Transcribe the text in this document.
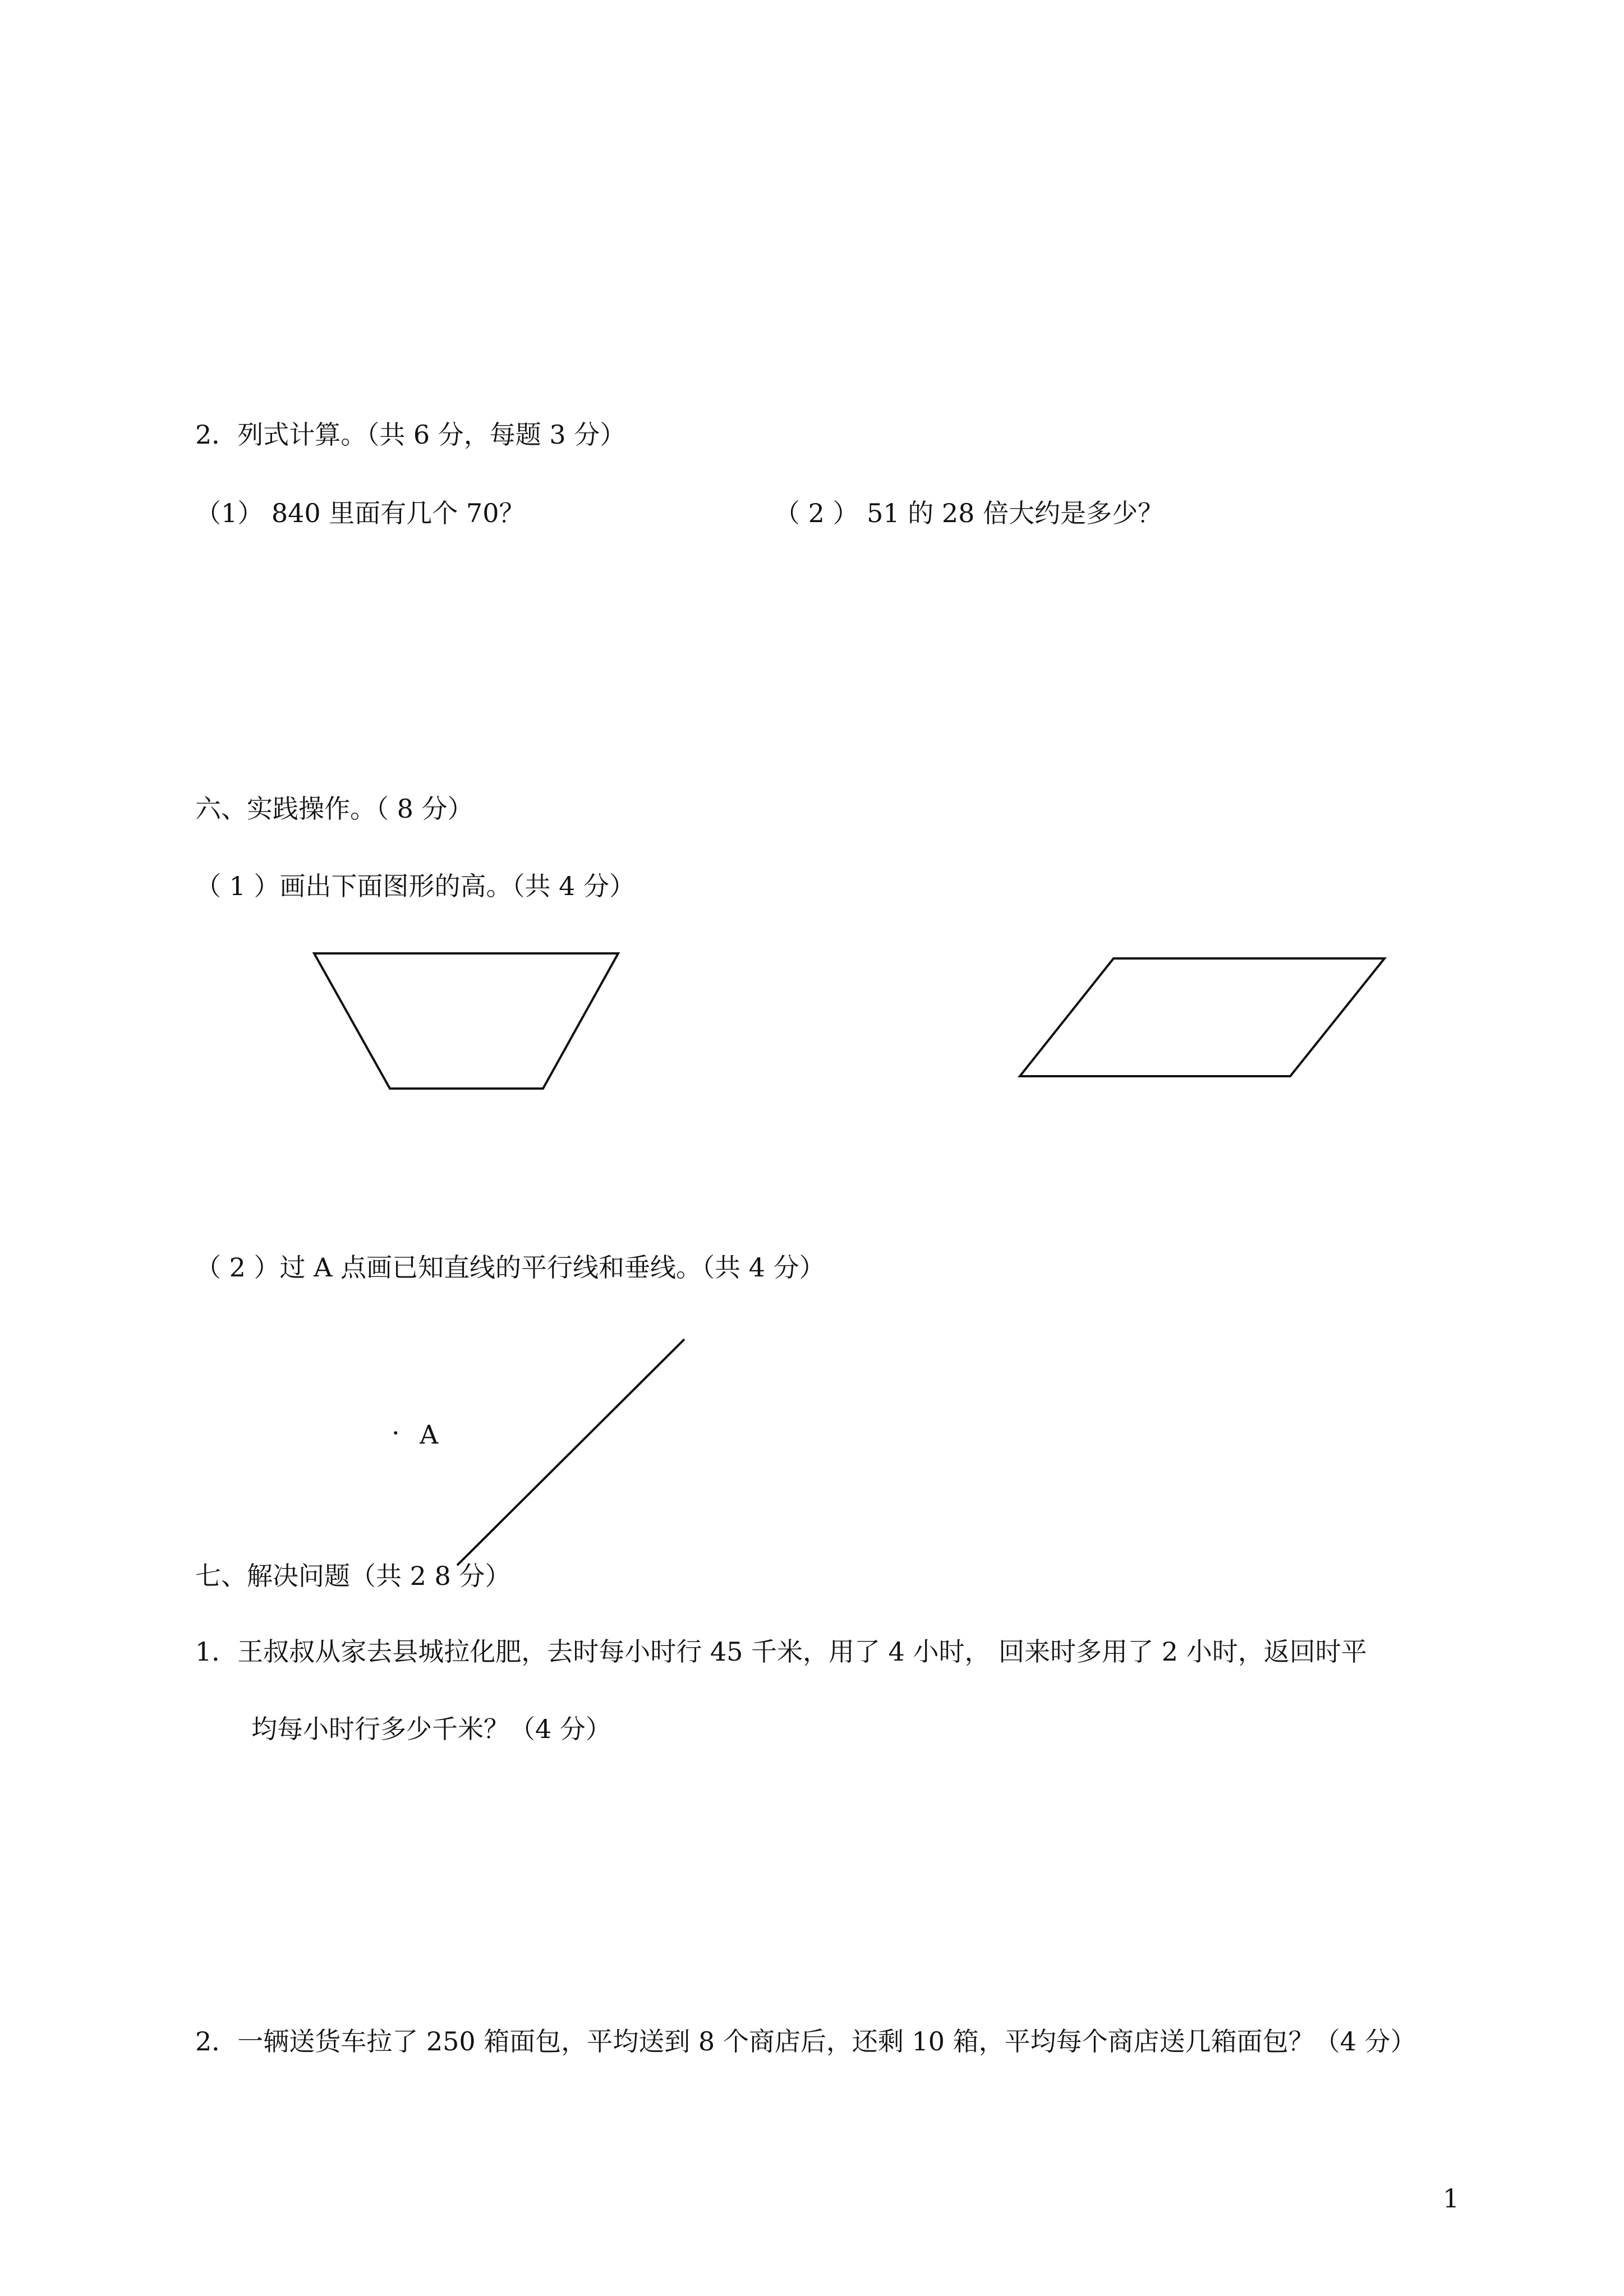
2．列式计算。（共 6 分，每题 3 分）
（1） 840 里面有几个 70？	（ 2 ） 51 的 28 倍大约是多少？
六、实践操作。（ 8 分）
（ 1 ）画出下面图形的高。（共 4 分）
（ 2 ）过 A 点画已知直线的平行线和垂线。（共 4 分）
· A
七、解决问题（共 2 8 分）
1．王叔叔从家去县城拉化肥，去时每小时行 45 千米，用了 4 小时， 回来时多用了 2 小时，返回时平
均每小时行多少千米？（4 分）
2．一辆送货车拉了 250 箱面包，平均送到 8 个商店后，还剩 10 箱，平均每个商店送几箱面包？（4 分）
1
